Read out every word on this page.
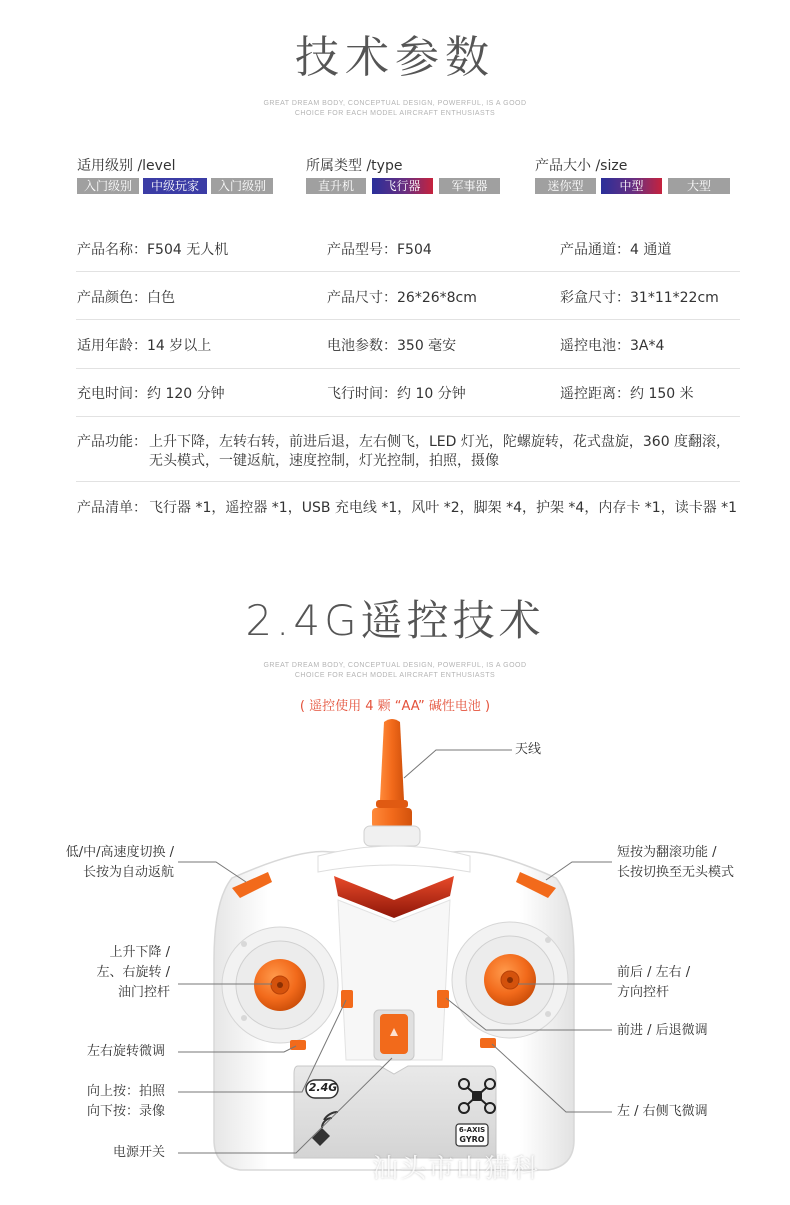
技术参数
GREAT DREAM BODY, CONCEPTUAL DESIGN, POWERFUL, IS A GOOD
CHOICE FOR EACH MODEL AIRCRAFT ENTHUSIASTS
适用级别 /level
入门级别	中级玩家	入门级别
所属类型 /type
直升机	飞行器	军事器
产品大小 /size
迷你型	中型	大型
产品名称：F504 无人机	产品型号：F504	产品通道：4 通道
产品颜色：白色	产品尺寸：26*26*8cm	彩盒尺寸：31*11*22cm
适用年龄：14 岁以上	电池参数：350 毫安	遥控电池：3A*4
充电时间：约 120 分钟	飞行时间：约 10 分钟	遥控距离：约 150 米
产品功能： 上升下降，左转右转，前进后退，左右侧飞，LED 灯光，陀螺旋转，花式盘旋，360 度翻滚，
无头模式，一键返航，速度控制，灯光控制，拍照，摄像
产品清单： 飞行器 *1，遥控器 *1，USB 充电线 *1，风叶 *2，脚架 *4，护架 *4，内存卡 *1，读卡器 *1
2.4G遥控技术
GREAT DREAM BODY, CONCEPTUAL DESIGN, POWERFUL, IS A GOOD
CHOICE FOR EACH MODEL AIRCRAFT ENTHUSIASTS
( 遥控使用 4 颗 “AA” 碱性电池 )
2.4G
6-AXIS
GYRO
汕头市山猫科
天线
低/中/高速度切换 /
长按为自动返航
短按为翻滚功能 /
长按切换至无头模式
上升下降 /
左、右旋转 /
油门控杆
前后 / 左右 /
方向控杆
左右旋转微调
前进 / 后退微调
向上按：拍照
向下按：录像	左 / 右侧飞微调
电源开关
